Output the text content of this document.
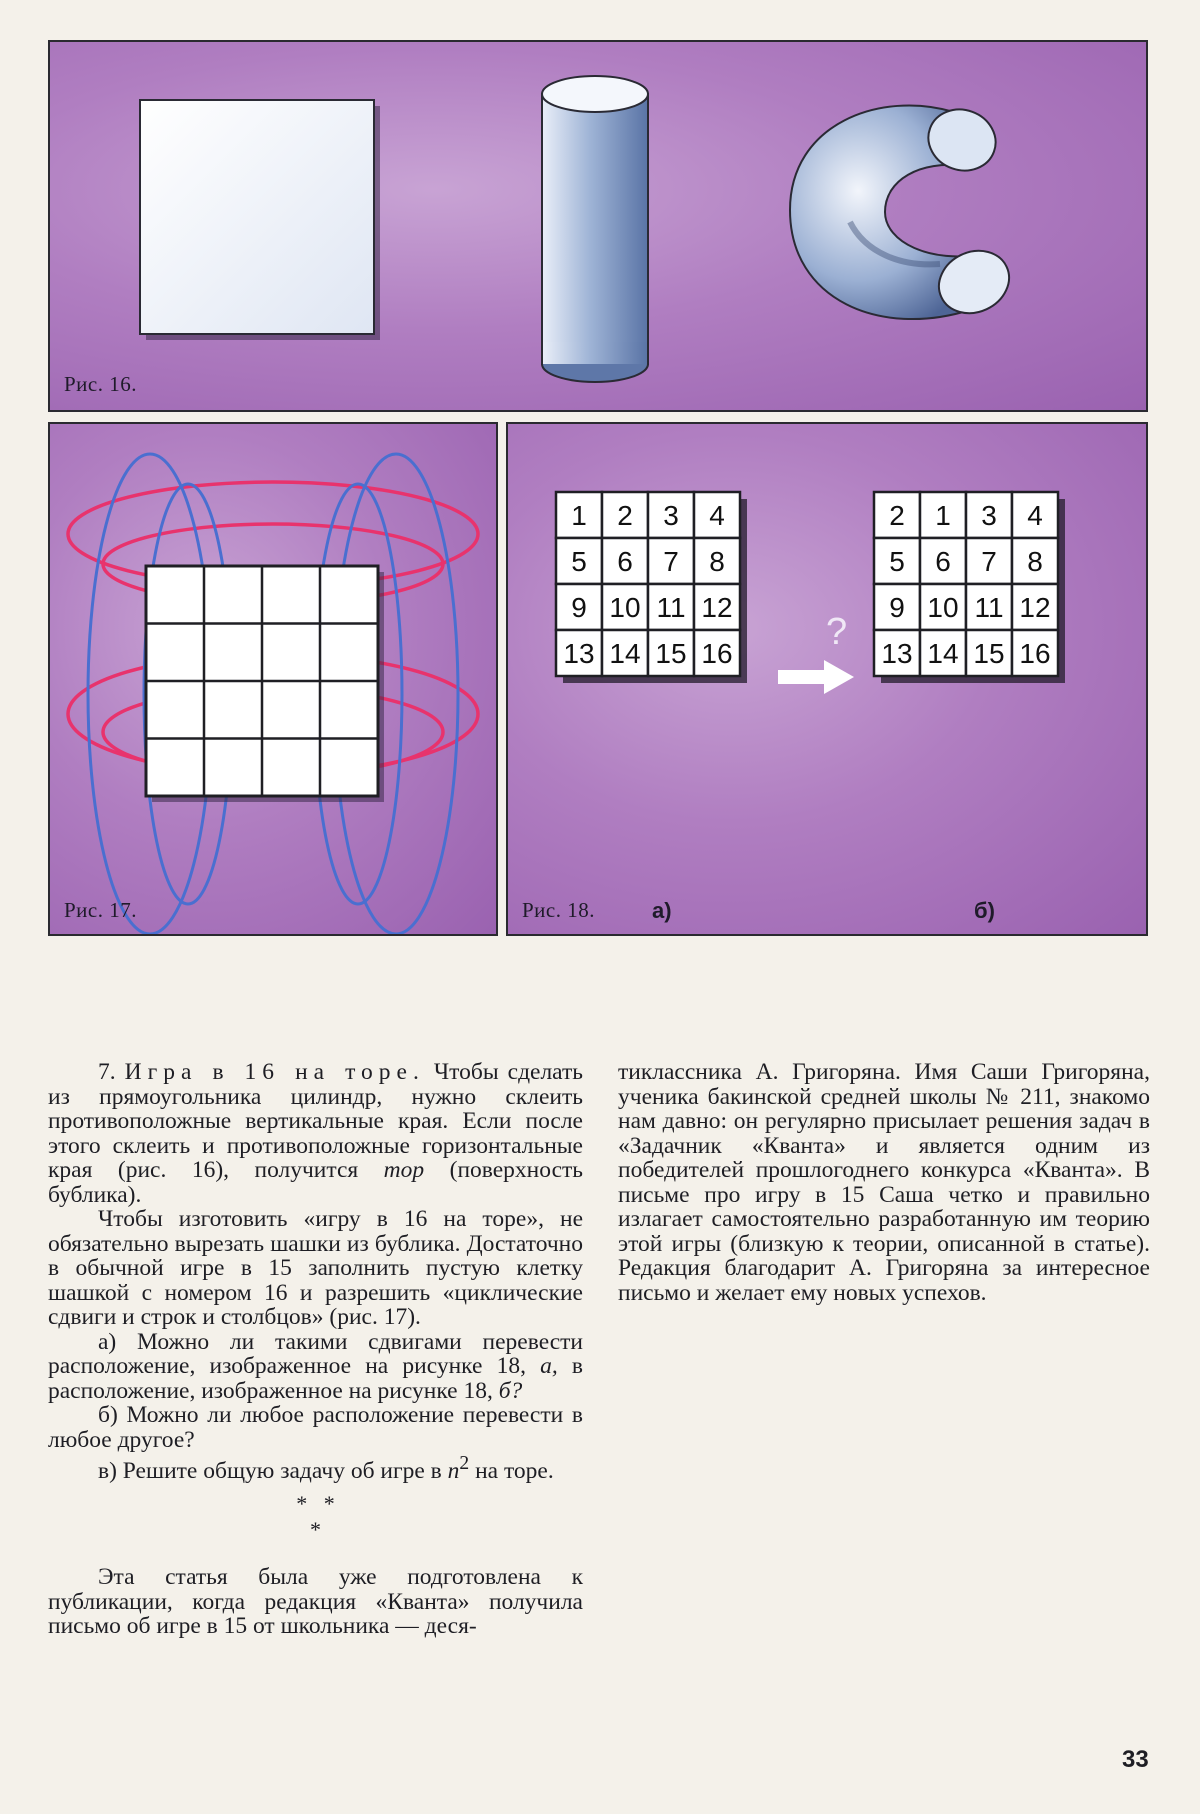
Рис. 16.
Рис. 17.
1 2 3 4
5 6 7 8
9 10 11 12
13 14 15 16
2 1 3 4
5 6 7 8
9 10 11 12
13 14 15 16
?
Рис. 18.	а)	б)

7. Игра в 16 на торе. Чтобы сделать из прямоугольника цилиндр, нужно склеить противоположные вертикальные края. Если после этого склеить и противоположные горизонтальные края (рис. 16), получится тор (поверхность бублика).

Чтобы изготовить «игру в 16 на торе», не обязательно вырезать шашки из бублика. Достаточно в обычной игре в 15 заполнить пустую клетку шашкой с номером 16 и разрешить «циклические сдвиги и строк и столбцов» (рис. 17).

а) Можно ли такими сдвигами перевести расположение, изображенное на рисунке 18, а, в расположение, изображенное на рисунке 18, б?

б) Можно ли любое расположение перевести в любое другое?

в) Решите общую задачу об игре в $n^2$ на торе.

*   *
*

Эта статья была уже подготовлена к публикации, когда редакция «Кванта» получила письмо об игре в 15 от школьника — деся-

тиклассника А. Григоряна. Имя Саши Григоряна, ученика бакинской средней школы № 211, знакомо нам давно: он регулярно присылает решения задач в «Задачник «Кванта» и является одним из победителей прошлогоднего конкурса «Кванта». В письме про игру в 15 Саша четко и правильно излагает самостоятельно разработанную им теорию этой игры (близкую к теории, описанной в статье). Редакция благодарит А. Григоряна за интересное письмо и желает ему новых успехов.

33
